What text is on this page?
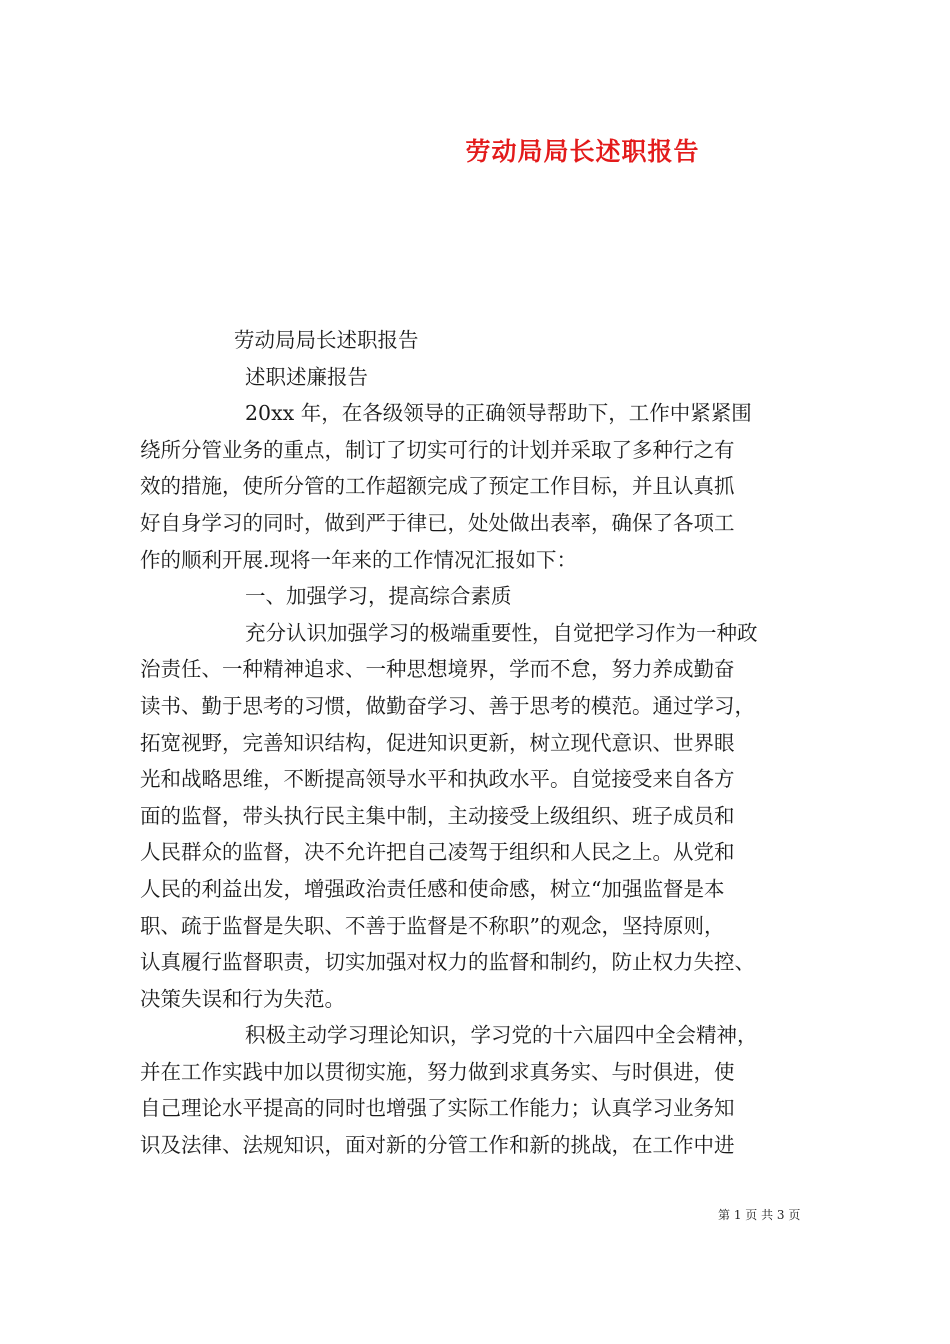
劳动局局长述职报告
劳动局局长述职报告
述职述廉报告
20xx 年，在各级领导的正确领导帮助下，工作中紧紧围
绕所分管业务的重点，制订了切实可行的计划并采取了多种行之有
效的措施，使所分管的工作超额完成了预定工作目标，并且认真抓
好自身学习的同时，做到严于律已，处处做出表率，确保了各项工
作的顺利开展.现将一年来的工作情况汇报如下：
一、加强学习，提高综合素质
充分认识加强学习的极端重要性，自觉把学习作为一种政
治责任、一种精神追求、一种思想境界，学而不怠，努力养成勤奋
读书、勤于思考的习惯，做勤奋学习、善于思考的模范。通过学习，
拓宽视野，完善知识结构，促进知识更新，树立现代意识、世界眼
光和战略思维，不断提高领导水平和执政水平。自觉接受来自各方
面的监督，带头执行民主集中制，主动接受上级组织、班子成员和
人民群众的监督，决不允许把自己凌驾于组织和人民之上。从党和
人民的利益出发，增强政治责任感和使命感，树立“加强监督是本
职、疏于监督是失职、不善于监督是不称职”的观念，坚持原则，
认真履行监督职责，切实加强对权力的监督和制约，防止权力失控、
决策失误和行为失范。
积极主动学习理论知识，学习党的十六届四中全会精神，
并在工作实践中加以贯彻实施，努力做到求真务实、与时俱进，使
自己理论水平提高的同时也增强了实际工作能力；认真学习业务知
识及法律、法规知识，面对新的分管工作和新的挑战，在工作中进
第 1 页 共 3 页
